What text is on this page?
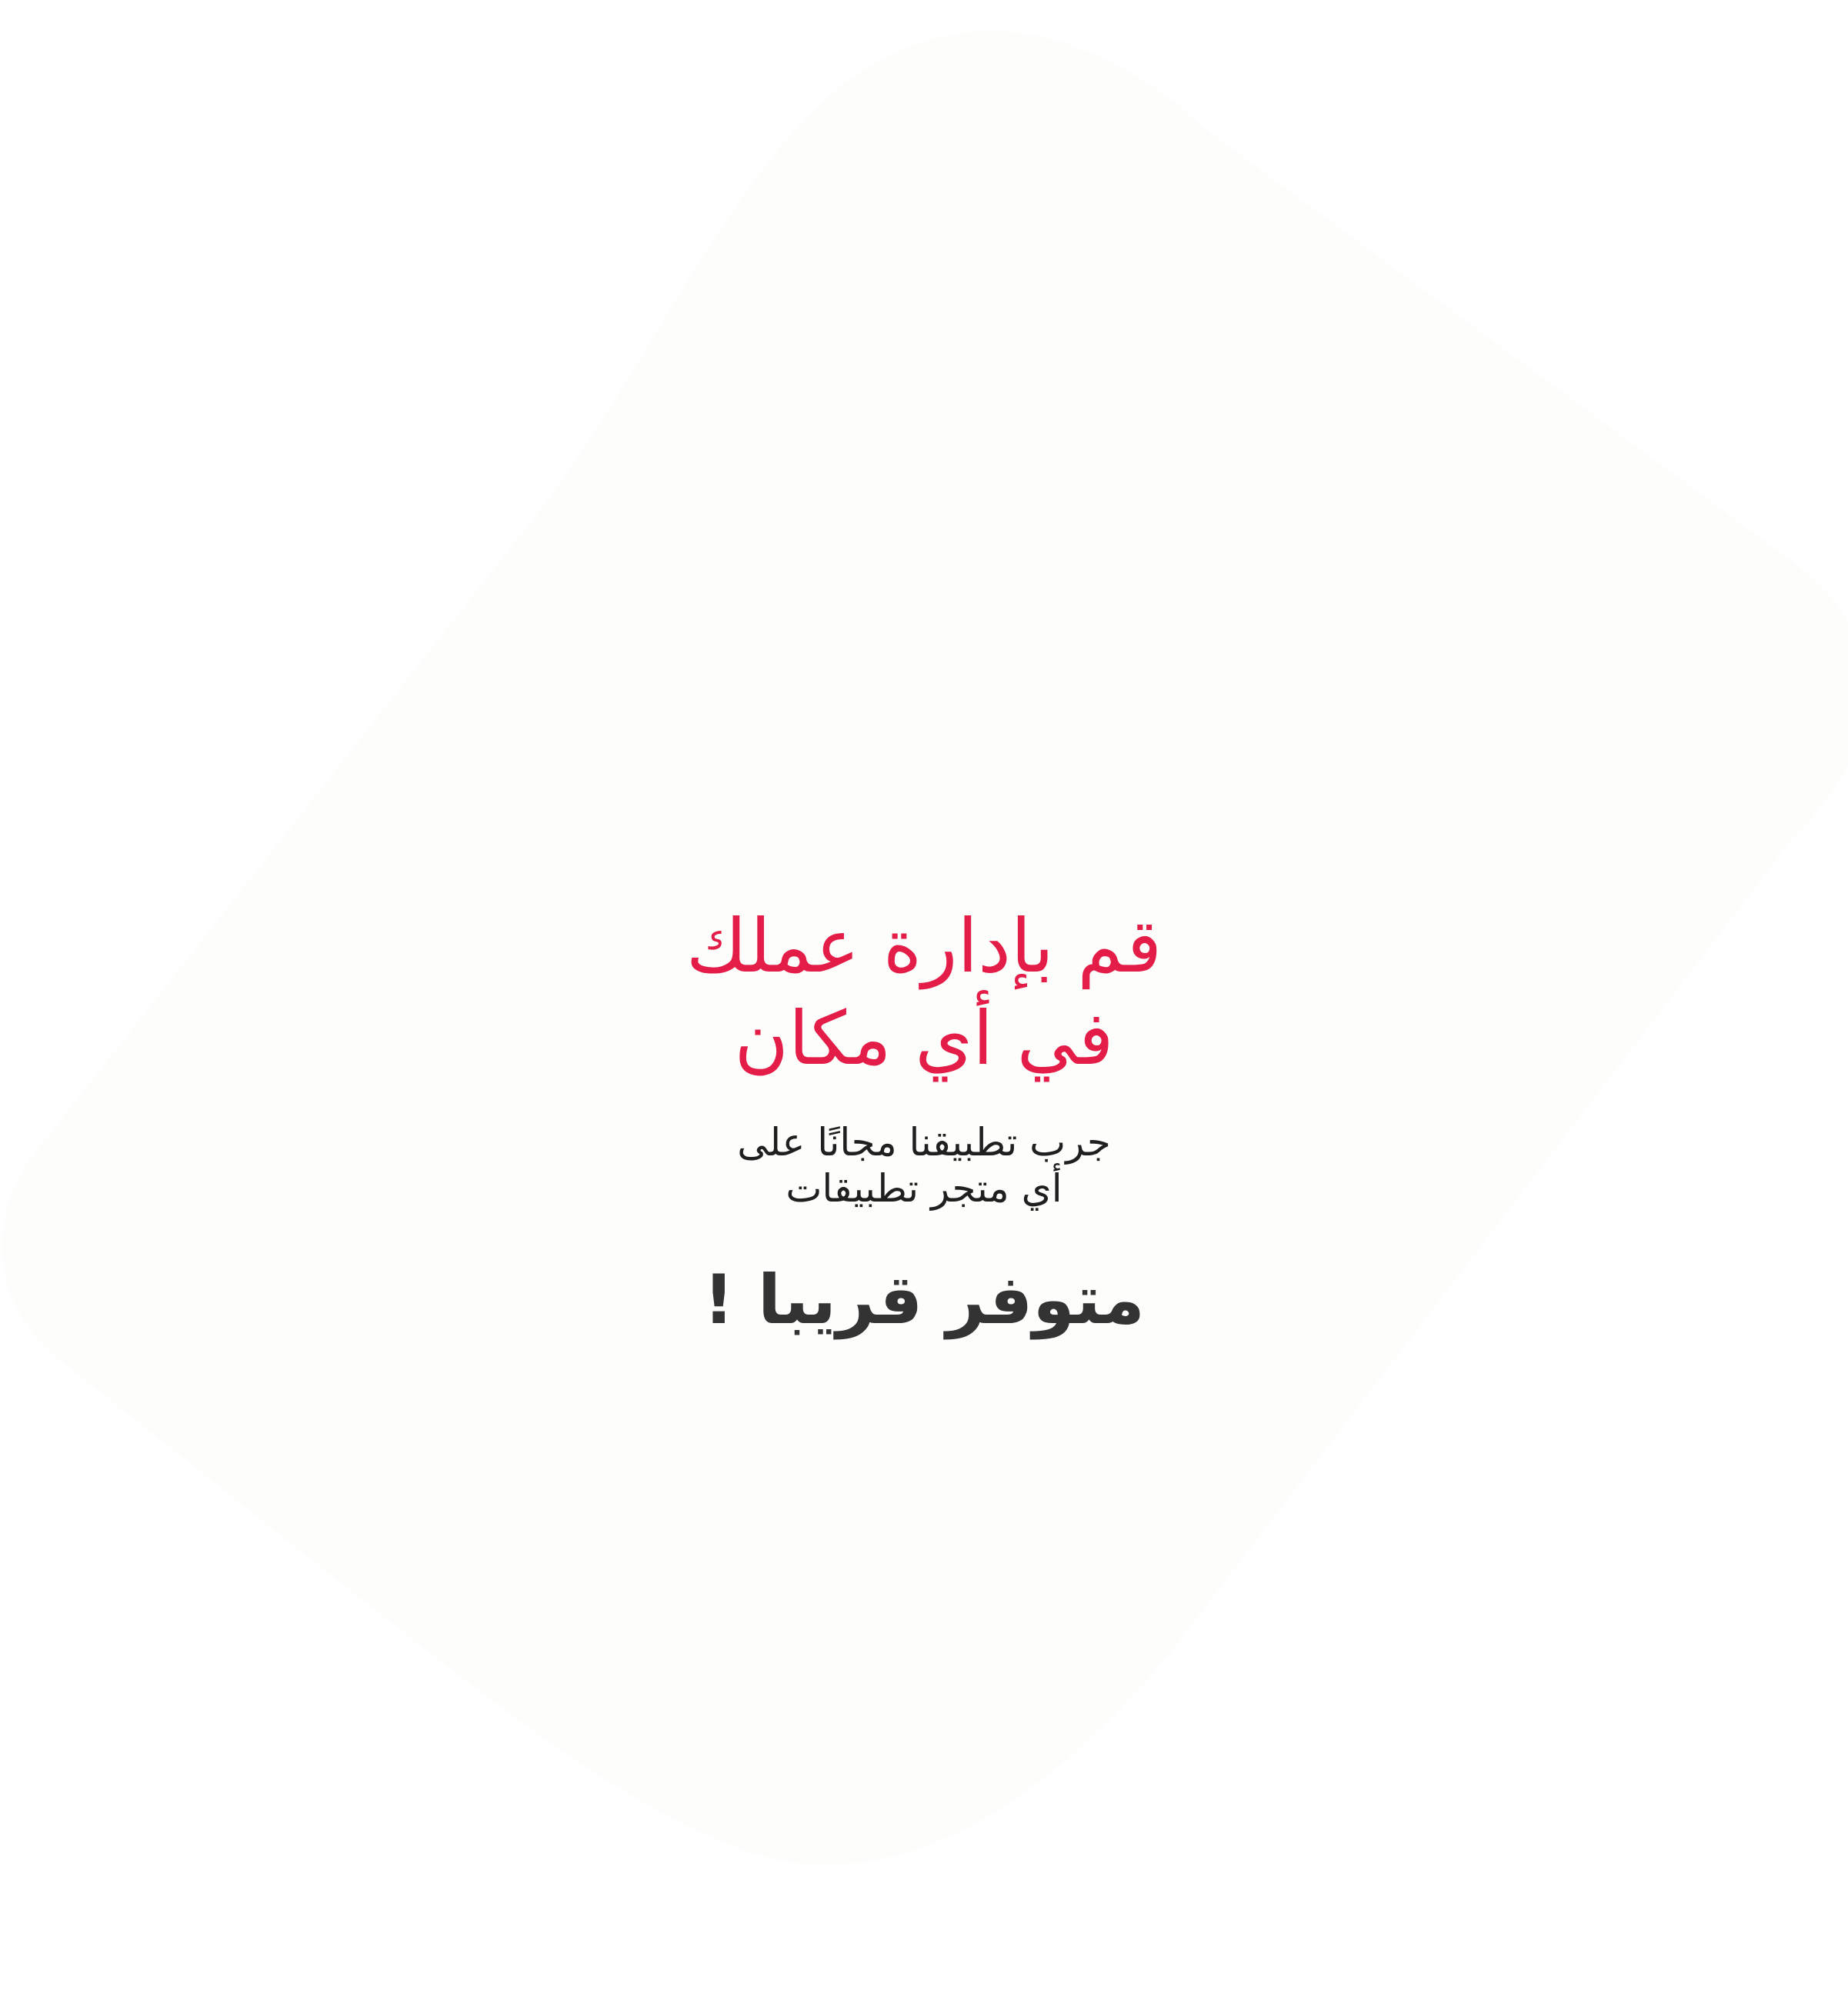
قم بإدارة عملك
في أي مكان

جرب تطبيقنا مجانًا على
أي متجر تطبيقات

متوفر قريبا !
